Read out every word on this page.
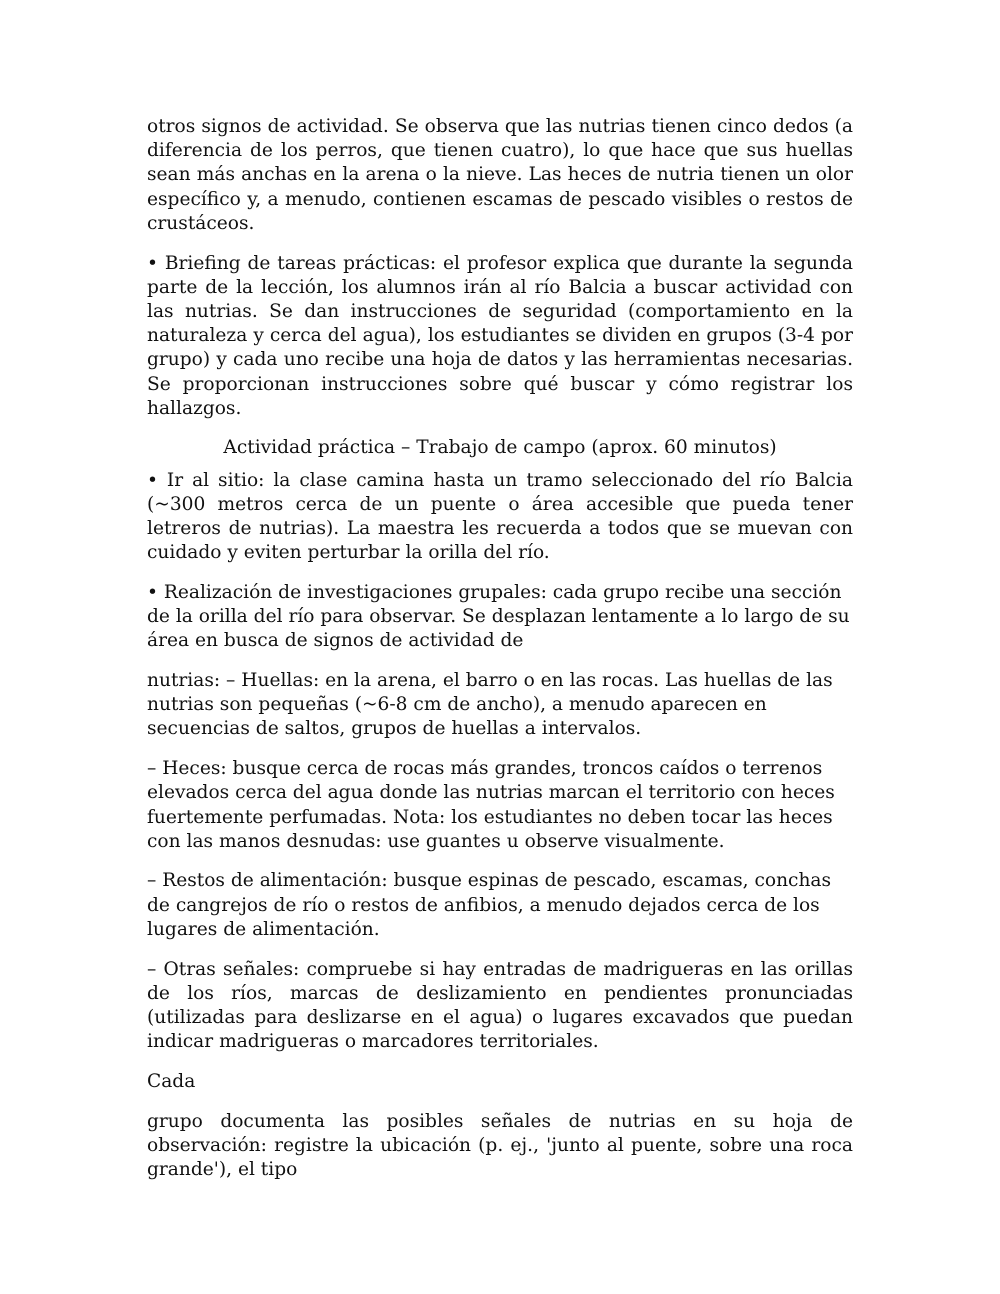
otros signos de actividad. Se observa que las nutrias tienen cinco dedos (a diferencia de los perros, que tienen cuatro), lo que hace que sus huellas sean más anchas en la arena o la nieve. Las heces de nutria tienen un olor específico y, a menudo, contienen escamas de pescado visibles o restos de crustáceos.

• Briefing de tareas prácticas: el profesor explica que durante la segunda parte de la lección, los alumnos irán al río Balcia a buscar actividad con las nutrias. Se dan instrucciones de seguridad (comportamiento en la naturaleza y cerca del agua), los estudiantes se dividen en grupos (3-4 por grupo) y cada uno recibe una hoja de datos y las herramientas necesarias. Se proporcionan instrucciones sobre qué buscar y cómo registrar los hallazgos.

Actividad práctica – Trabajo de campo (aprox. 60 minutos)

• Ir al sitio: la clase camina hasta un tramo seleccionado del río Balcia (~300 metros cerca de un puente o área accesible que pueda tener letreros de nutrias). La maestra les recuerda a todos que se muevan con cuidado y eviten perturbar la orilla del río.

• Realización de investigaciones grupales: cada grupo recibe una sección de la orilla del río para observar. Se desplazan lentamente a lo largo de su área en busca de signos de actividad de

nutrias: – Huellas: en la arena, el barro o en las rocas. Las huellas de las nutrias son pequeñas (~6-8 cm de ancho), a menudo aparecen en secuencias de saltos, grupos de huellas a intervalos.

– Heces: busque cerca de rocas más grandes, troncos caídos o terrenos elevados cerca del agua donde las nutrias marcan el territorio con heces fuertemente perfumadas. Nota: los estudiantes no deben tocar las heces con las manos desnudas: use guantes u observe visualmente.

– Restos de alimentación: busque espinas de pescado, escamas, conchas de cangrejos de río o restos de anfibios, a menudo dejados cerca de los lugares de alimentación.

– Otras señales: compruebe si hay entradas de madrigueras en las orillas de los ríos, marcas de deslizamiento en pendientes pronunciadas (utilizadas para deslizarse en el agua) o lugares excavados que puedan indicar madrigueras o marcadores territoriales.

Cada

grupo documenta las posibles señales de nutrias en su hoja de observación: registre la ubicación (p. ej., 'junto al puente, sobre una roca grande'), el tipo
